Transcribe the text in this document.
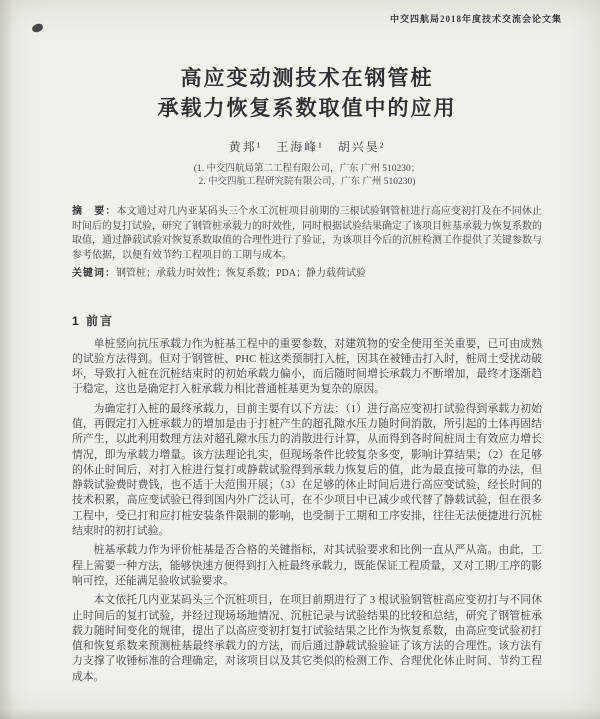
中交四航局2018年度技术交流会论文集
高应变动测技术在钢管桩
承载力恢复系数取值中的应用
黄邦¹　王海峰¹　胡兴昊²
(1. 中交四航局第二工程有限公司，广东 广州 510230；
2. 中交四航工程研究院有限公司，广东 广州 510230)
摘　要：本文通过对几内亚某码头三个水工沉桩项目前期的三根试验钢管桩进行高应变初打及在不同休止时间后的复打试验，研究了钢管桩承载力的时效性，同时根据试验结果确定了该项目桩基承载力恢复系数的取值，通过静载试验对恢复系数取值的合理性进行了验证，为该项目今后的沉桩检测工作提供了关键参数与参考依据，以便有效节约工程项目的工期与成本。
关键词：钢管桩；承载力时效性；恢复系数；PDA；静力载荷试验
1 前言

单桩竖向抗压承载力作为桩基工程中的重要参数，对建筑物的安全使用至关重要，已可由成熟的试验方法得到。但对于钢管桩、PHC 桩这类预制打入桩，因其在被锤击打入时，桩周土受扰动破坏，导致打入桩在沉桩结束时的初始承载力偏小，而后随时间增长承载力不断增加，最终才逐渐趋于稳定，这也是确定打入桩承载力相比普通桩基更为复杂的原因。

为确定打入桩的最终承载力，目前主要有以下方法：（1）进行高应变初打试验得到承载力初始值，再假定打入桩承载力的增加是由于打桩产生的超孔隙水压力随时间消散，所引起的土体再固结所产生，以此利用数理方法对超孔隙水压力的消散进行计算，从而得到各时间桩周土有效应力增长情况，即为承载力增量。该方法理论扎实，但现场条件比较复杂多变，影响计算结果；（2）在足够的休止时间后，对打入桩进行复打或静载试验得到承载力恢复后的值，此为最直接可靠的办法，但静载试验费时费钱，也不适于大范围开展；（3）在足够的休止时间后进行高应变试验，经长时间的技术积累，高应变试验已得到国内外广泛认可，在不少项目中已减少或代替了静载试验，但在很多工程中，受已打和应打桩安装条件限制的影响，也受制于工期和工序安排，往往无法便捷进行沉桩结束时的初打试验。

桩基承载力作为评价桩基是否合格的关键指标，对其试验要求和比例一直从严从高。由此，工程上需要一种方法，能够快速方便得到打入桩最终承载力，既能保证工程质量，又对工期/工序的影响可控，还能满足验收试验要求。

本文依托几内亚某码头三个沉桩项目，在项目前期进行了 3 根试验钢管桩高应变初打与不同休止时间后的复打试验，并经过现场场地情况、沉桩记录与试验结果的比较和总结，研究了钢管桩承载力随时间变化的规律，提出了以高应变初打复打试验结果之比作为恢复系数，由高应变试验初打值和恢复系数来预测桩基最终承载力的方法，而后通过静载试验验证了该方法的合理性。该方法有力支撑了收锤标准的合理确定，对该项目以及其它类似的检测工作、合理优化休止时间、节约工程成本。
